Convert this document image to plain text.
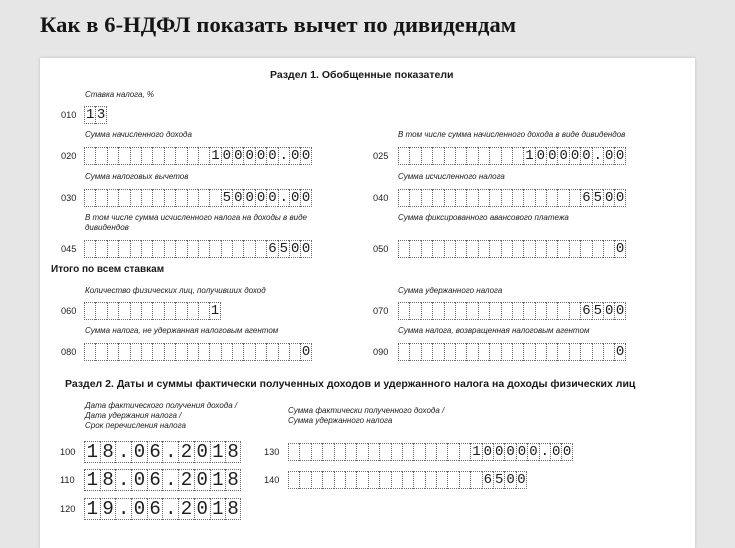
Как в 6-НДФЛ показать вычет по дивидендам
Раздел 1. Обобщенные показатели
Ставка налога, %
010 1 3
Сумма начисленного дохода
020	1 0 0 0 0 0 . 0 0
В том числе сумма начисленного дохода в виде дивидендов
025	1 0 0 0 0 0 . 0 0
Сумма налоговых вычетов
030	5 0 0 0 0 . 0 0
Сумма исчисленного налога
040	6 5 0 0
В том числе сумма исчисленного налога на доходы в виде
дивидендов
045	6 5 0 0
Сумма фиксированного авансового платежа
050	0
Итого по всем ставкам
Количество физических лиц, получивших доход
060	1
Сумма удержанного налога
070	6 5 0 0
Сумма налога, не удержанная налоговым агентом
080	0
Сумма налога, возвращенная налоговым агентом
090	0
Раздел 2. Даты и суммы фактически полученных доходов и удержанного налога на доходы физических лиц
Дата фактического получения дохода /
Дата удержания налога /
Срок перечисления налога
Сумма фактически полученного дохода /
Сумма удержанного налога
100 1 8 . 0 6 . 2 0 1 8	130	1 0 0 0 0 0 . 0 0
110 1 8 . 0 6 . 2 0 1 8	140	6 5 0 0
120 1 9 . 0 6 . 2 0 1 8
